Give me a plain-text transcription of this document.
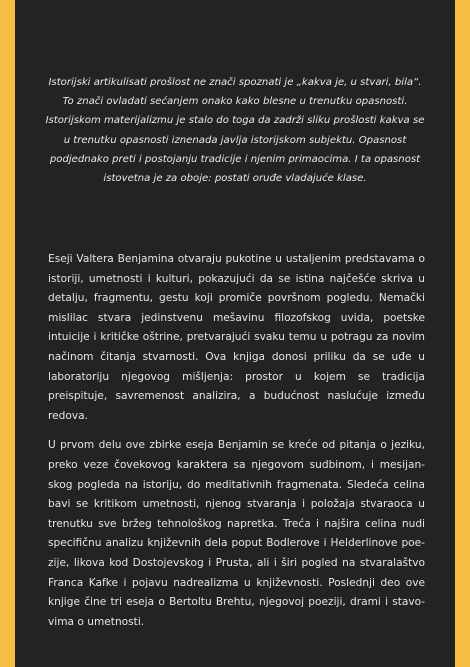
Istorijski artikulisati prošlost ne znači spoznati je „kakva je, u stvari, bila“. To znači ovladati sećanjem onako kako blesne u trenutku opasnosti. Istorijskom materijalizmu je stalo do toga da zadrži sliku prošlosti kakva se u trenutku opasnosti iznenada javlja istorijskom subjektu. Opasnost podjednako preti i postojanju tradicije i njenim primaocima. I ta opasnost istovetna je za oboje: postati oruđe vladajuće klase.

Eseji Valtera Benjamina otvaraju pukotine u ustaljenim predstavama o istoriji, umetnosti i kulturi, pokazujući da se istina najčešće skriva u detalju, fragmentu, gestu koji promiče površnom pogledu. Nemački mislilac stvara jedinstvenu mešavinu filozofskog uvida, poetske intuicije i kritičke oštrine, pretvarajući svaku temu u potragu za novim načinom čitanja stvarnosti. Ova knjiga donosi priliku da se uđe u laboratoriju njegovog mišljenja: prostor u kojem se tradicija preispituje, savremenost analizira, a budućnost naslućuje između redova.

U prvom delu ove zbirke eseja Benjamin se kreće od pitanja o jeziku, preko veze čovekovog karaktera sa njegovom sudbinom, i mesijanskog pogleda na istoriju, do meditativnih fragmenata. Sledeća celina bavi se kritikom umetnosti, njenog stvaranja i položaja stvaraoca u trenutku sve bržeg tehnološkog napretka. Treća i najšira celina nudi specifičnu analizu književnih dela poput Bodlerove i Helderlinove poezije, likova kod Dostojevskog i Prusta, ali i širi pogled na stvaralaštvo Franca Kafke i pojavu nadrealizma u književnosti. Poslednji deo ove knjige čine tri eseja o Bertoltu Brehtu, njegovoj poeziji, drami i stavovima o umetnosti.
